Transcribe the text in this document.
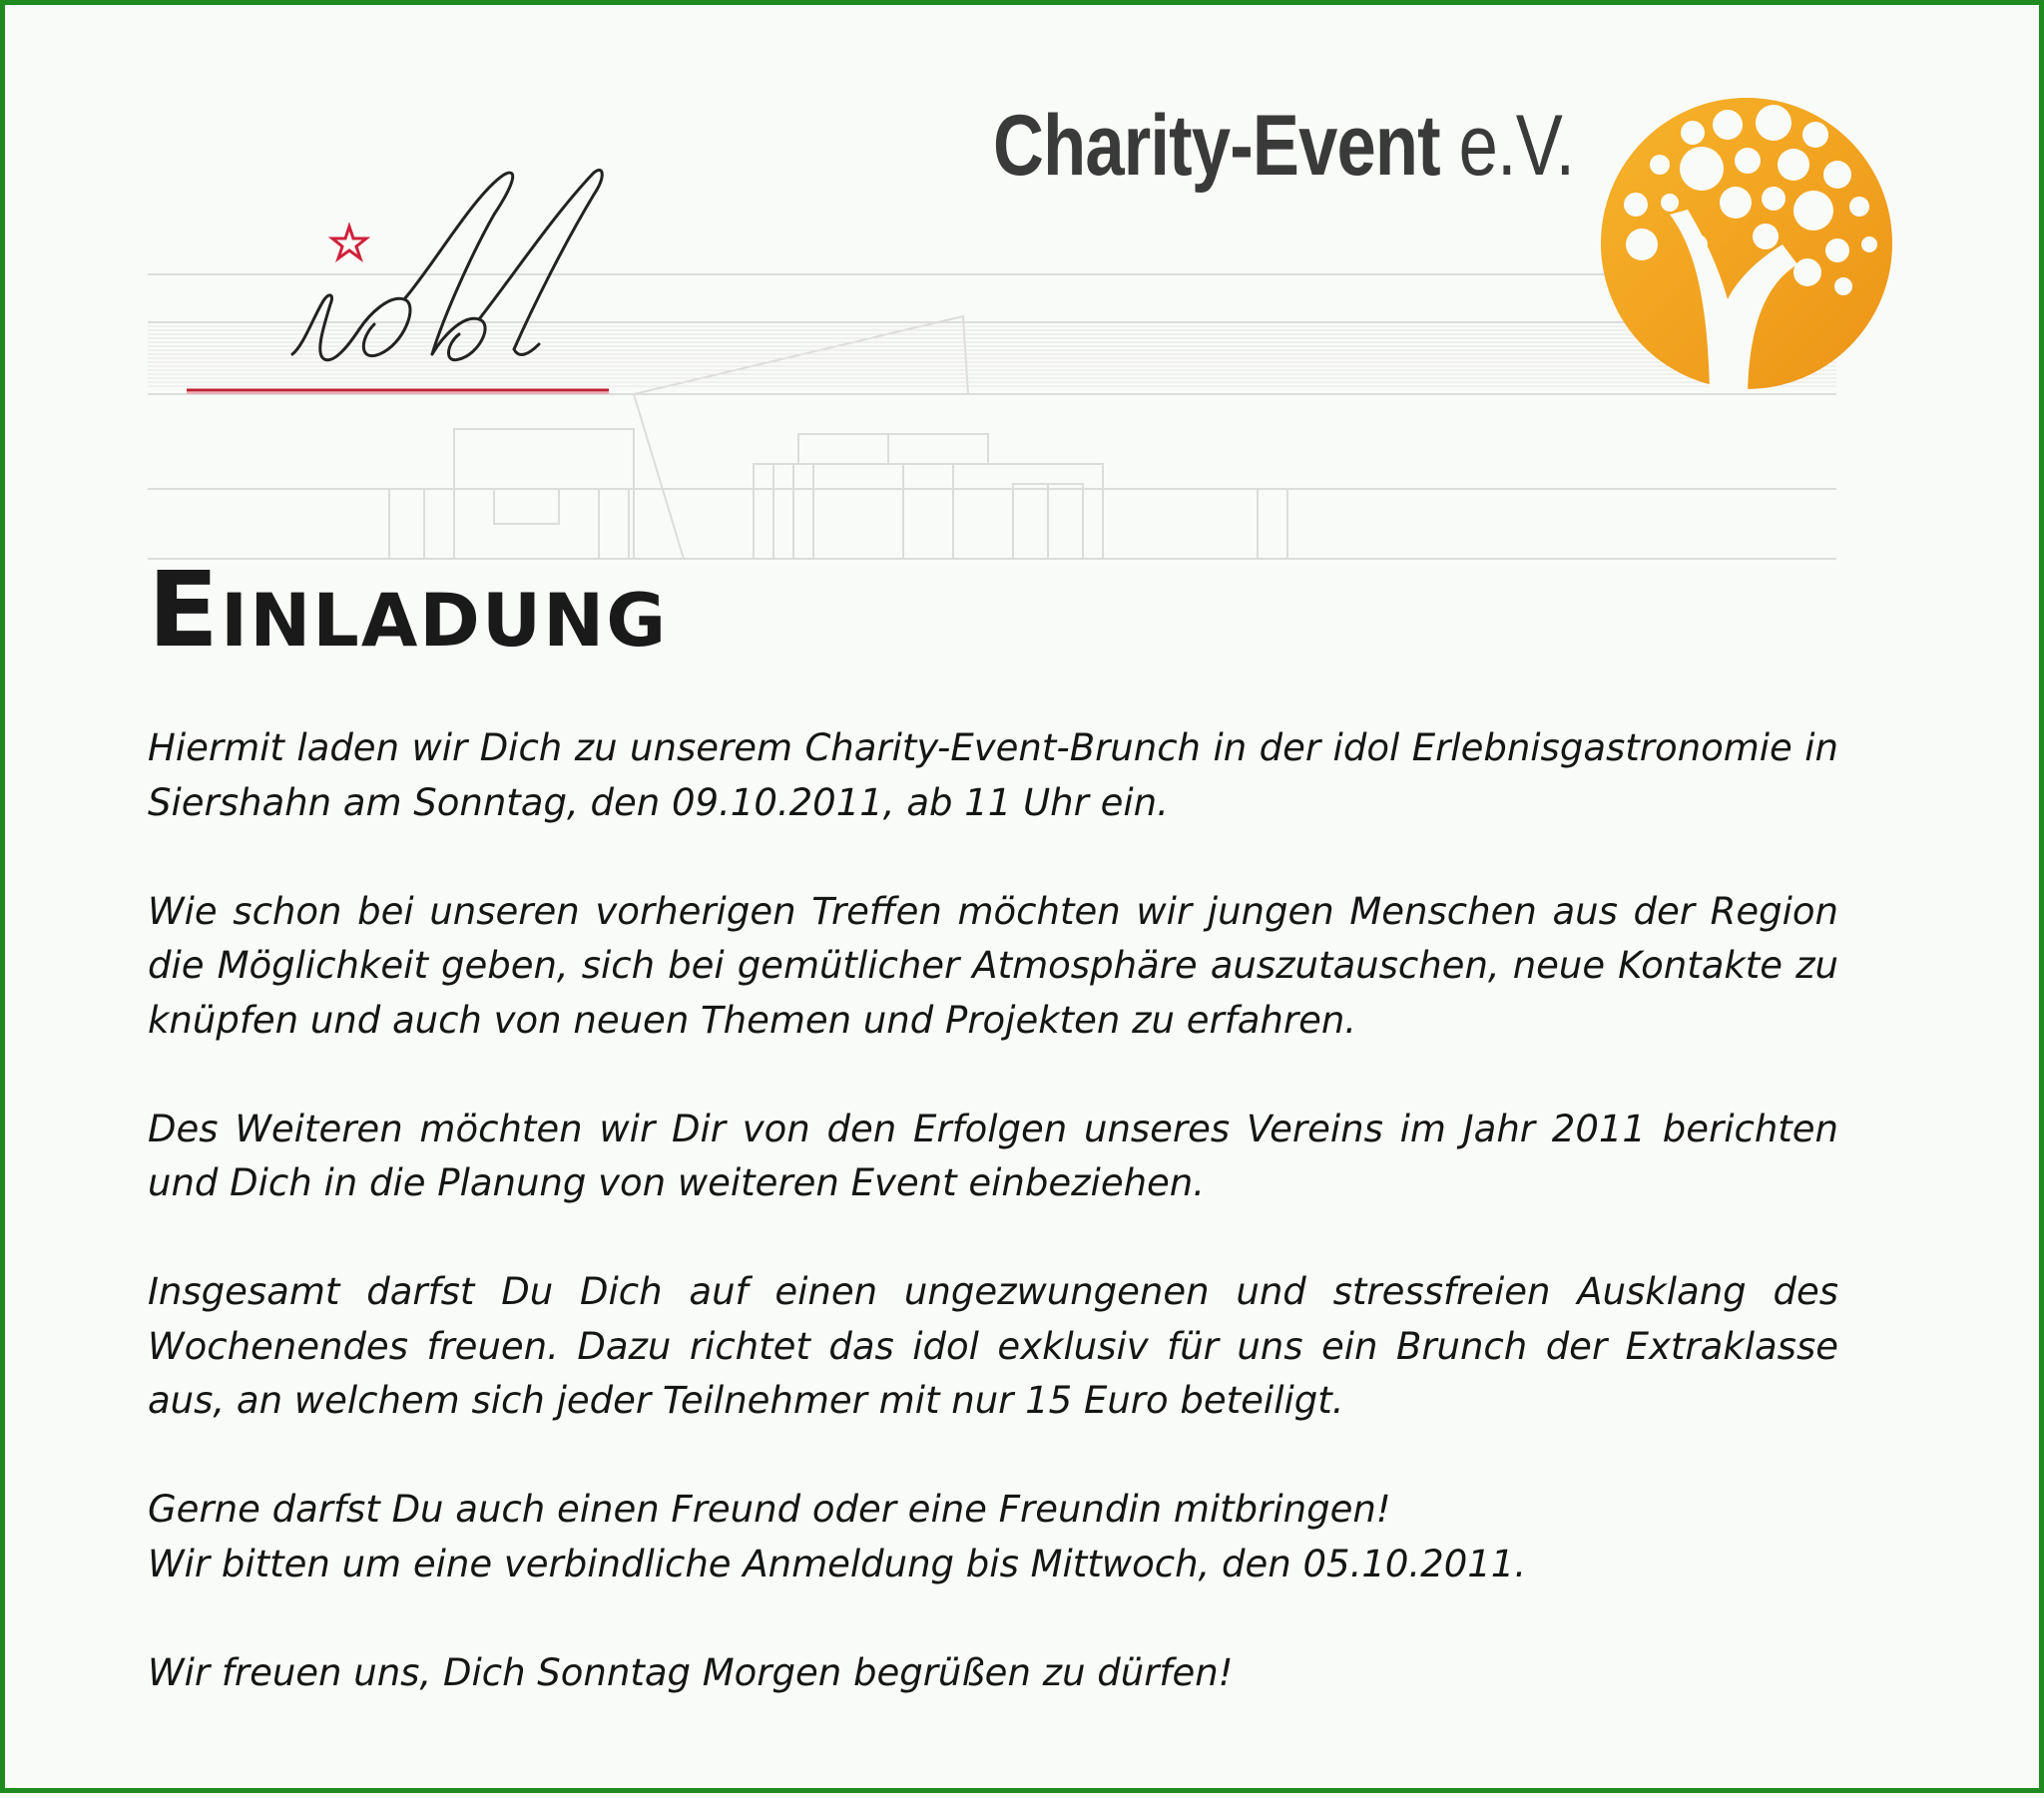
Charity-Event e.V.
Einladung

Hiermit laden wir Dich zu unserem Charity-Event-Brunch in der idol Erlebnisgastronomie in Siershahn am Sonntag, den 09.10.2011, ab 11 Uhr ein.

Wie schon bei unseren vorherigen Treffen möchten wir jungen Menschen aus der Region die Möglichkeit geben, sich bei gemütlicher Atmosphäre auszutauschen, neue Kontakte zu knüpfen und auch von neuen Themen und Projekten zu erfahren.

Des Weiteren möchten wir Dir von den Erfolgen unseres Vereins im Jahr 2011 berichten und Dich in die Planung von weiteren Event einbeziehen.

Insgesamt darfst Du Dich auf einen ungezwungenen und stressfreien Ausklang des Wochenendes freuen. Dazu richtet das idol exklusiv für uns ein Brunch der Extraklasse aus, an welchem sich jeder Teilnehmer mit nur 15 Euro beteiligt.

Gerne darfst Du auch einen Freund oder eine Freundin mitbringen!
Wir bitten um eine verbindliche Anmeldung bis Mittwoch, den 05.10.2011.

Wir freuen uns, Dich Sonntag Morgen begrüßen zu dürfen!
